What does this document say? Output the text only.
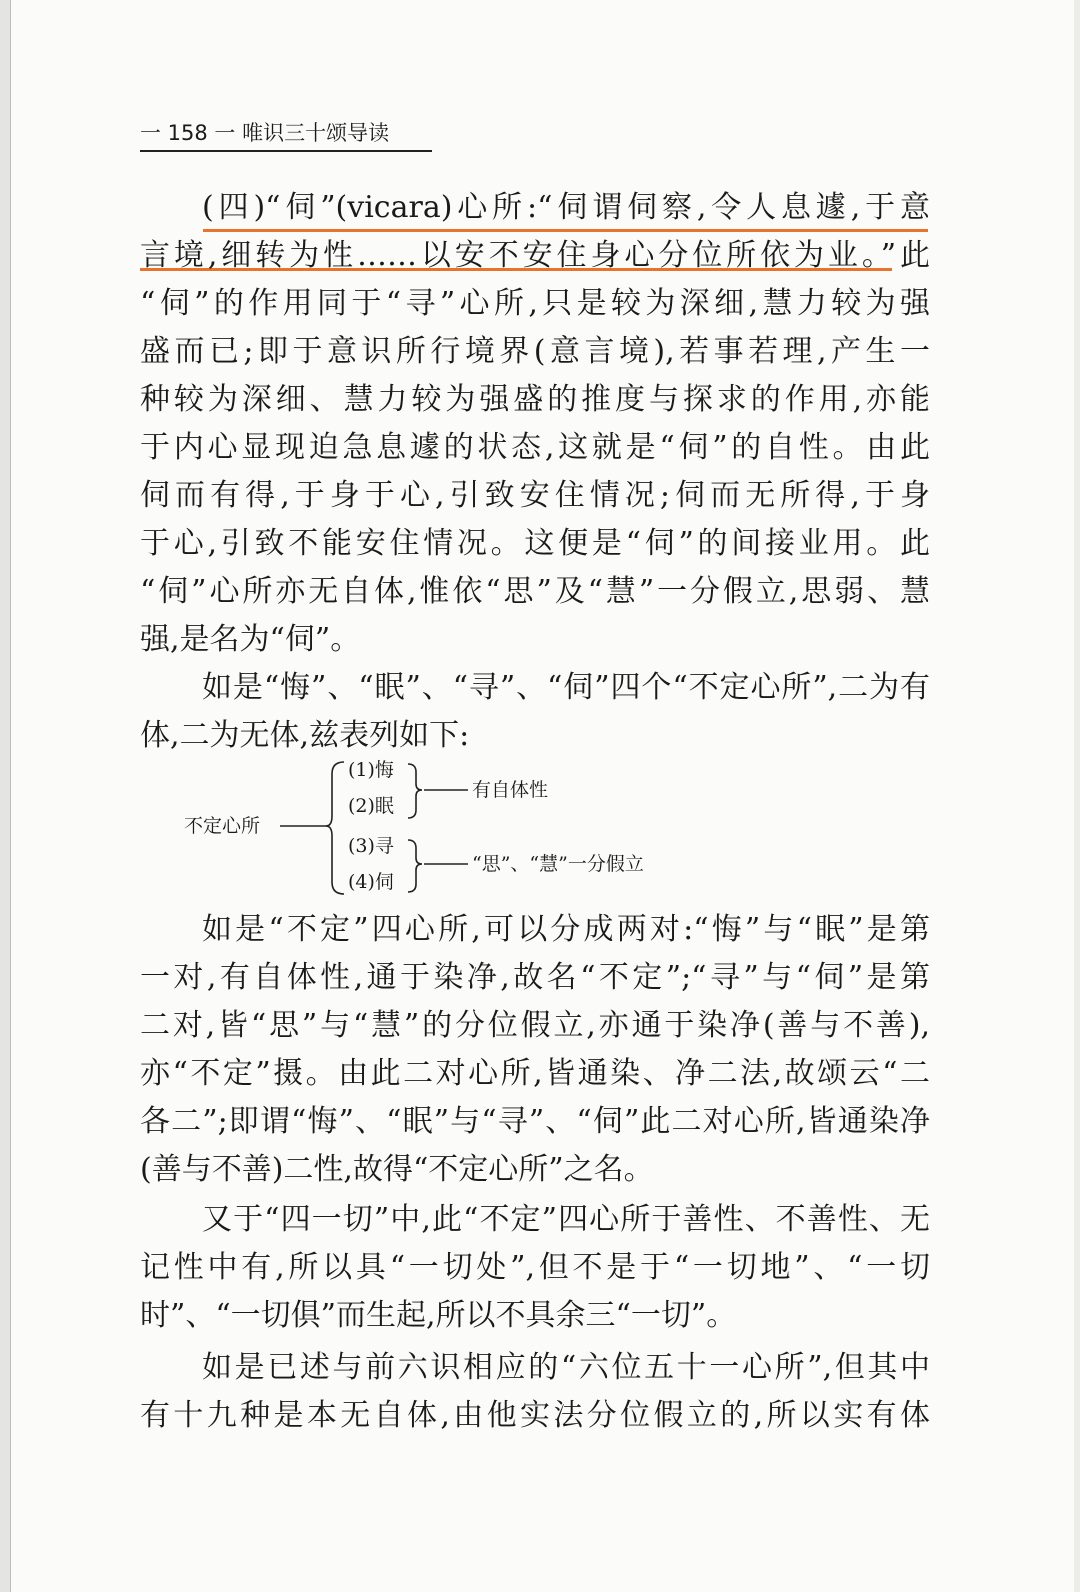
一 158 一 唯识三十颂导读
(四)“伺”(vicara)心所:“伺谓伺察,令人息遽,于意
言境,细转为性……以安不安住身心分位所依为业。”此
“伺”的作用同于“寻”心所,只是较为深细,慧力较为强
盛而已;即于意识所行境界(意言境),若事若理,产生一
种较为深细、慧力较为强盛的推度与探求的作用,亦能
于内心显现迫急息遽的状态,这就是“伺”的自性。由此
伺而有得,于身于心,引致安住情况;伺而无所得,于身
于心,引致不能安住情况。这便是“伺”的间接业用。此
“伺”心所亦无自体,惟依“思”及“慧”一分假立,思弱、慧
强,是名为“伺”。
如是“悔”、“眠”、“寻”、“伺”四个“不定心所”,二为有
体,二为无体,兹表列如下:
不定心所
(1)悔
(2)眠
(3)寻
(4)伺
有自体性
“思”、“慧”一分假立
如是“不定”四心所,可以分成两对:“悔”与“眠”是第
一对,有自体性,通于染净,故名“不定”;“寻”与“伺”是第
二对,皆“思”与“慧”的分位假立,亦通于染净(善与不善),
亦“不定”摄。由此二对心所,皆通染、净二法,故颂云“二
各二”;即谓“悔”、“眠”与“寻”、“伺”此二对心所,皆通染净
(善与不善)二性,故得“不定心所”之名。
又于“四一切”中,此“不定”四心所于善性、不善性、无
记性中有,所以具“一切处”,但不是于“一切地”、“一切
时”、“一切俱”而生起,所以不具余三“一切”。
如是已述与前六识相应的“六位五十一心所”,但其中
有十九种是本无自体,由他实法分位假立的,所以实有体
